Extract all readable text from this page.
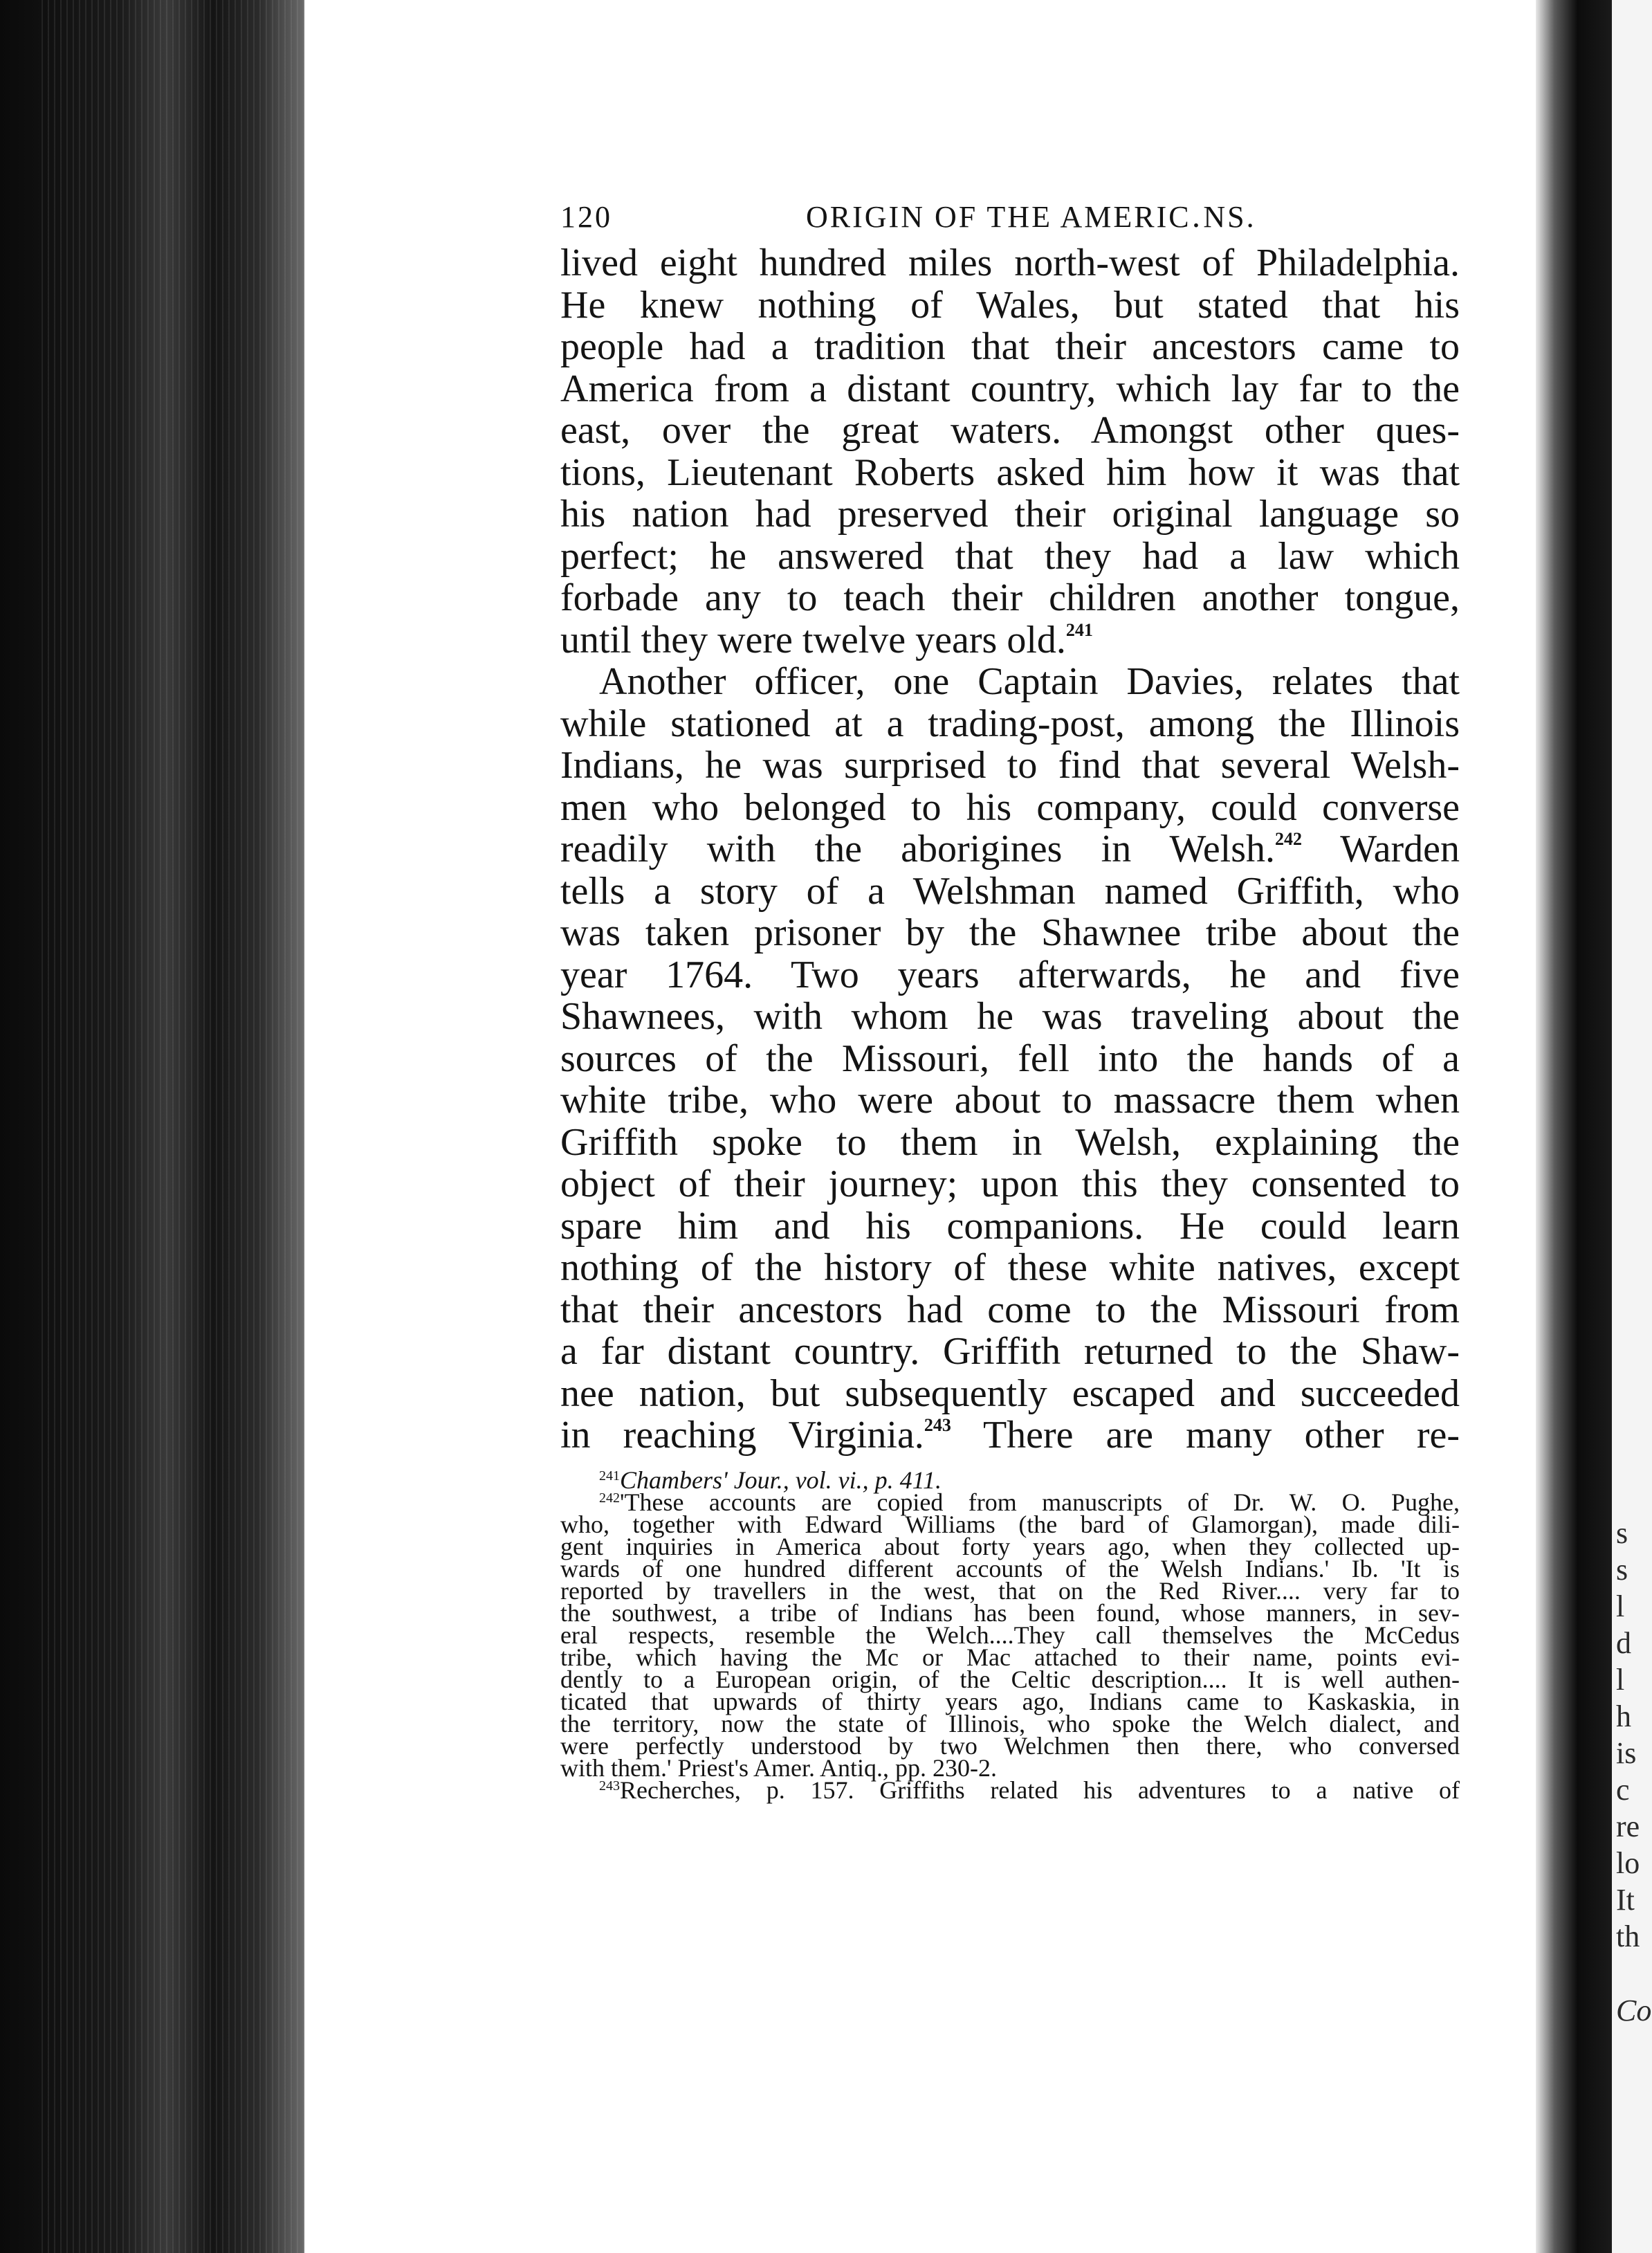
s
s
l
d
l
h
is
c
re
lo
It
th
Co
120	ORIGIN OF THE AMERIC․NS.
lived eight hundred miles north-west of Philadelphia.
He knew nothing of Wales, but stated that his
people had a tradition that their ancestors came to
America from a distant country, which lay far to the
east, over the great waters. Amongst other ques-
tions, Lieutenant Roberts asked him how it was that
his nation had preserved their original language so
perfect; he answered that they had a law which
forbade any to teach their children another tongue,
until they were twelve years old.$^{241}$
Another officer, one Captain Davies, relates that
while stationed at a trading-post, among the Illinois
Indians, he was surprised to find that several Welsh-
men who belonged to his company, could converse
readily with the aborigines in Welsh.$^{242}$ Warden
tells a story of a Welshman named Griffith, who
was taken prisoner by the Shawnee tribe about the
year 1764. Two years afterwards, he and five
Shawnees, with whom he was traveling about the
sources of the Missouri, fell into the hands of a
white tribe, who were about to massacre them when
Griffith spoke to them in Welsh, explaining the
object of their journey; upon this they consented to
spare him and his companions. He could learn
nothing of the history of these white natives, except
that their ancestors had come to the Missouri from
a far distant country. Griffith returned to the Shaw-
nee nation, but subsequently escaped and succeeded
in reaching Virginia.$^{243}$ There are many other re-
$^{241}$Chambers' Jour., vol. vi., p. 411.
$^{242}$'These accounts are copied from manuscripts of Dr. W. O. Pughe,
who, together with Edward Williams (the bard of Glamorgan), made dili-
gent inquiries in America about forty years ago, when they collected up-
wards of one hundred different accounts of the Welsh Indians.' Ib. 'It is
reported by travellers in the west, that on the Red River.... very far to
the southwest, a tribe of Indians has been found, whose manners, in sev-
eral respects, resemble the Welch....They call themselves the McCedus
tribe, which having the Mc or Mac attached to their name, points evi-
dently to a European origin, of the Celtic description.... It is well authen-
ticated that upwards of thirty years ago, Indians came to Kaskaskia, in
the territory, now the state of Illinois, who spoke the Welch dialect, and
were perfectly understood by two Welchmen then there, who conversed
with them.' Priest's Amer. Antiq., pp. 230-2.
$^{243}$Recherches, p. 157. Griffiths related his adventures to a native of
